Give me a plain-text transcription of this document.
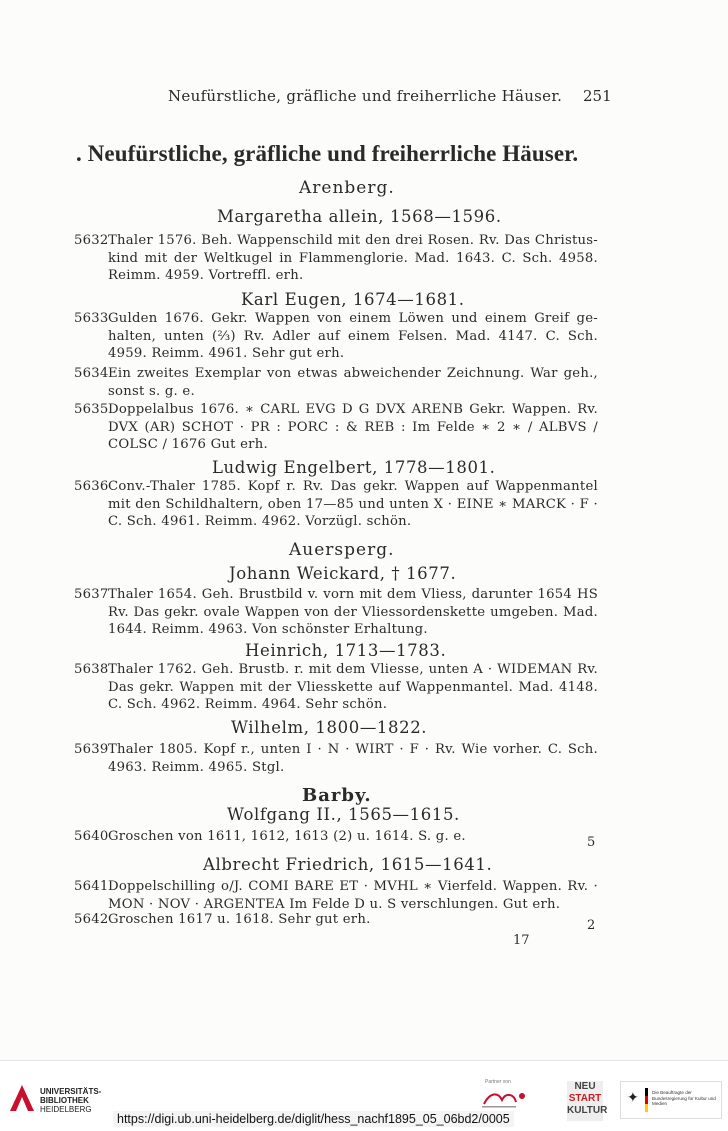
Neufürstliche, gräfliche und freiherrliche Häuser. 251
. Neufürstliche, gräfliche und freiherrliche Häuser.
Arenberg.
Margaretha allein, 1568—1596.
5632 Thaler 1576. Beh. Wappenschild mit den drei Rosen. Rv. Das Christus-kind mit der Weltkugel in Flammenglorie. Mad. 1643. C. Sch. 4958. Reimm. 4959. Vortreffl. erh.
Karl Eugen, 1674—1681.
5633 Gulden 1676. Gekr. Wappen von einem Löwen und einem Greif ge-halten, unten (⅔) Rv. Adler auf einem Felsen. Mad. 4147. C. Sch. 4959. Reimm. 4961. Sehr gut erh.
5634 Ein zweites Exemplar von etwas abweichender Zeichnung. War geh., sonst s. g. e.
5635 Doppelalbus 1676. ∗ CARL EVG D G DVX ARENB Gekr. Wappen. Rv. DVX (AR) SCHOT · PR : PORC : & REB : Im Felde ∗ 2 ∗ / ALBVS / COLSC / 1676 Gut erh.
Ludwig Engelbert, 1778—1801.
5636 Conv.-Thaler 1785. Kopf r. Rv. Das gekr. Wappen auf Wappenmantel mit den Schildhaltern, oben 17—85 und unten X · EINE ∗ MARCK · F · C. Sch. 4961. Reimm. 4962. Vorzügl. schön.
Auersperg.
Johann Weickard, † 1677.
5637 Thaler 1654. Geh. Brustbild v. vorn mit dem Vliess, darunter 1654 HS Rv. Das gekr. ovale Wappen von der Vliessordenskette umgeben. Mad. 1644. Reimm. 4963. Von schönster Erhaltung.
Heinrich, 1713—1783.
5638 Thaler 1762. Geh. Brustb. r. mit dem Vliesse, unten A · WIDEMAN Rv. Das gekr. Wappen mit der Vliesskette auf Wappenmantel. Mad. 4148. C. Sch. 4962. Reimm. 4964. Sehr schön.
Wilhelm, 1800—1822.
5639 Thaler 1805. Kopf r., unten I · N · WIRT · F · Rv. Wie vorher. C. Sch. 4963. Reimm. 4965. Stgl.
Barby.
Wolfgang II., 1565—1615.
5640 Groschen von 1611, 1612, 1613 (2) u. 1614. S. g. e.	5
Albrecht Friedrich, 1615—1641.
5641 Doppelschilling o/J. COMI BARE ET · MVHL ∗ Vierfeld. Wappen. Rv. · MON · NOV · ARGENTEA Im Felde D u. S verschlungen. Gut erh.
5642 Groschen 1617 u. 1618. Sehr gut erh.	2
17
UNIVERSITÄTS-
BIBLIOTHEK
HEIDELBERG
Partner von	NEU
START
KULTUR
✦	Die Beauftragte der Bundesregierung für Kultur und Medien
https://digi.ub.uni-heidelberg.de/diglit/hess_nachf1895_05_06bd2/0005
